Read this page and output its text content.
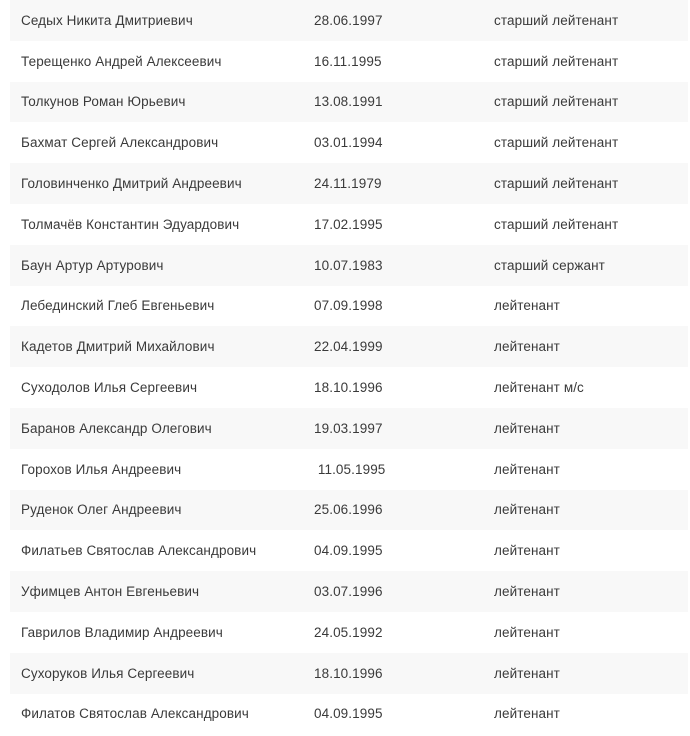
Седых Никита Дмитриевич	28.06.1997	старший лейтенант
Терещенко Андрей Алексеевич	16.11.1995	старший лейтенант
Толкунов Роман Юрьевич	13.08.1991	старший лейтенант
Бахмат Сергей Александрович	03.01.1994	старший лейтенант
Головинченко Дмитрий Андреевич	24.11.1979	старший лейтенант
Толмачёв Константин Эдуардович	17.02.1995	старший лейтенант
Баун Артур Артурович	10.07.1983	старший сержант
Лебединский Глеб Евгеньевич	07.09.1998	лейтенант
Кадетов Дмитрий Михайлович	22.04.1999	лейтенант
Суходолов Илья Сергеевич	18.10.1996	лейтенант м/с
Баранов Александр Олегович	19.03.1997	лейтенант
Горохов Илья Андреевич	11.05.1995	лейтенант
Руденок Олег Андреевич	25.06.1996	лейтенант
Филатьев Святослав Александрович	04.09.1995	лейтенант
Уфимцев Антон Евгеньевич	03.07.1996	лейтенант
Гаврилов Владимир Андреевич	24.05.1992	лейтенант
Сухоруков Илья Сергеевич	18.10.1996	лейтенант
Филатов Святослав Александрович	04.09.1995	лейтенант
